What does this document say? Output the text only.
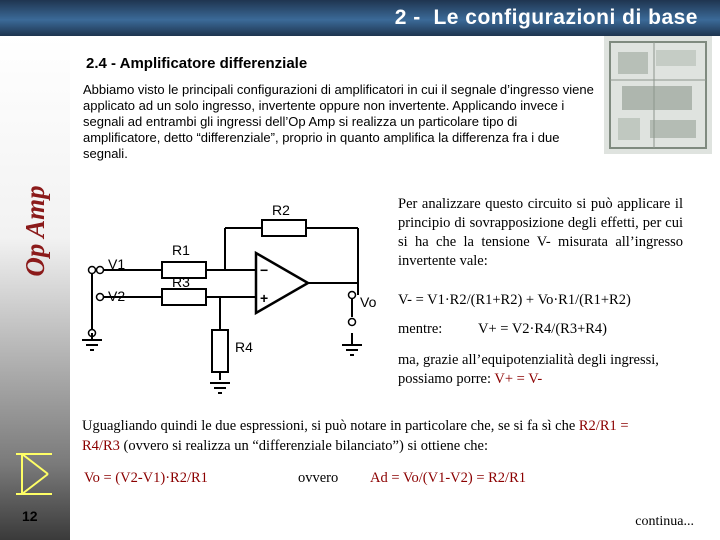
2 -  Le configurazioni di base
Op Amp
12
2.4 - Amplificatore differenziale
Abbiamo visto le principali configurazioni di amplificatori in cui il segnale d’ingresso viene applicato ad un solo ingresso, invertente oppure non invertente. Applicando invece i segnali ad entrambi gli ingressi dell’Op Amp si realizza un particolare tipo di amplificatore, detto “differenziale”, proprio in quanto amplifica la differenza fra i due segnali.
R2
R1
R3
R4
V1
V2	Vo
−
+
Per analizzare questo circuito si può applicare il principio di sovrapposizione degli effetti, per cui si ha che la tensione V- misurata all’ingresso invertente vale:
V- = V1·R2/(R1+R2) + Vo·R1/(R1+R2)
mentre: V+ = V2·R4/(R3+R4)
ma, grazie all’equipotenzialità degli ingressi, possiamo porre: V+ = V-
Uguagliando quindi le due espressioni, si può notare in particolare che, se si fa sì che R2/R1 = R4/R3 (ovvero si realizza un “differenziale bilanciato”) si ottiene che:
Vo = (V2-V1)·R2/R1	ovvero Ad = Vo/(V1-V2) = R2/R1
continua...
